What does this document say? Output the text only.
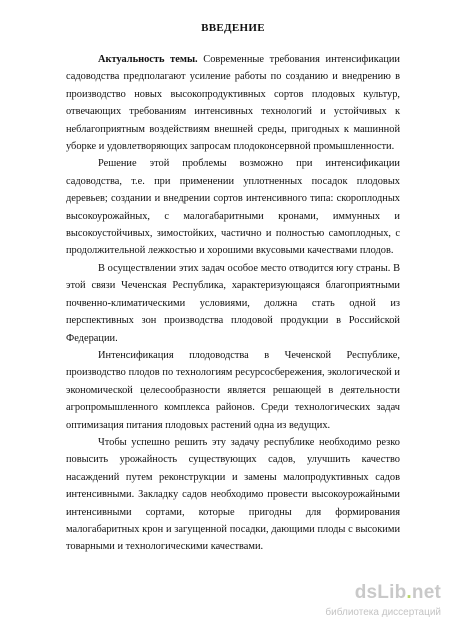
ВВЕДЕНИЕ

Актуальность темы. Современные требования интенсификации садоводства предполагают усиление работы по созданию и внедрению в производство новых высокопродуктивных сортов плодовых культур, отвечающих требованиям интенсивных технологий и устойчивых к неблагоприятным воздействиям внешней среды, пригодных к машинной уборке и удовлетворяющих запросам плодоконсервной промышленности.

Решение этой проблемы возможно при интенсификации садоводства, т.е. при применении уплотненных посадок плодовых деревьев; создании и внедрении сортов интенсивного типа: скороплодных высокоурожайных, с малогабаритными кронами, иммунных и высокоустойчивых, зимостойких, частично и полностью самоплодных, с продолжительной лежкостью и хорошими вкусовыми качествами плодов.

В осуществлении этих задач особое место отводится югу страны. В этой связи Чеченская Республика, характеризующаяся благоприятными почвенно-климатическими условиями, должна стать одной из перспективных зон производства плодовой продукции в Российской Федерации.

Интенсификация плодоводства в Чеченской Республике, производство плодов по технологиям ресурсосбережения, экологической и экономической целесообразности является решающей в деятельности агропромышленного комплекса районов. Среди технологических задач оптимизация питания плодовых растений одна из ведущих.

Чтобы успешно решить эту задачу республике необходимо резко повысить урожайность существующих садов, улучшить качество насаждений путем реконструкции и замены малопродуктивных садов интенсивными. Закладку садов необходимо провести высокоурожайными интенсивными сортами, которые пригодны для формирования малогабаритных крон и загущенной посадки, дающими плоды с высокими товарными и технологическими качествами.

dsLib.net
библиотека диссертаций
